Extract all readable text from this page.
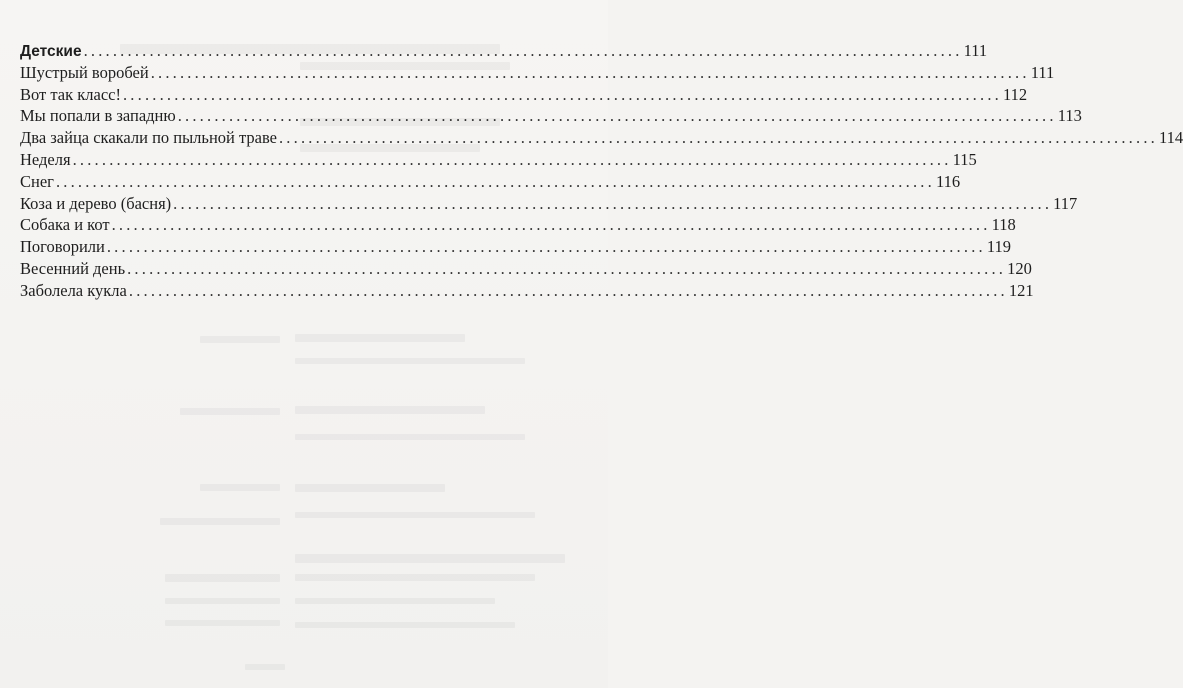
Детские ........................................................................................................................ 111
Шустрый воробей ........................................................................................................................ 111
Вот так класс! ........................................................................................................................ 112
Мы попали в западню ........................................................................................................................ 113
Два зайца скакали по пыльной траве ........................................................................................................................ 114
Неделя ........................................................................................................................ 115
Снег ........................................................................................................................ 116
Коза и дерево (басня) ........................................................................................................................ 117
Собака и кот ........................................................................................................................ 118
Поговорили ........................................................................................................................ 119
Весенний день ........................................................................................................................ 120
Заболела кукла ........................................................................................................................ 121
